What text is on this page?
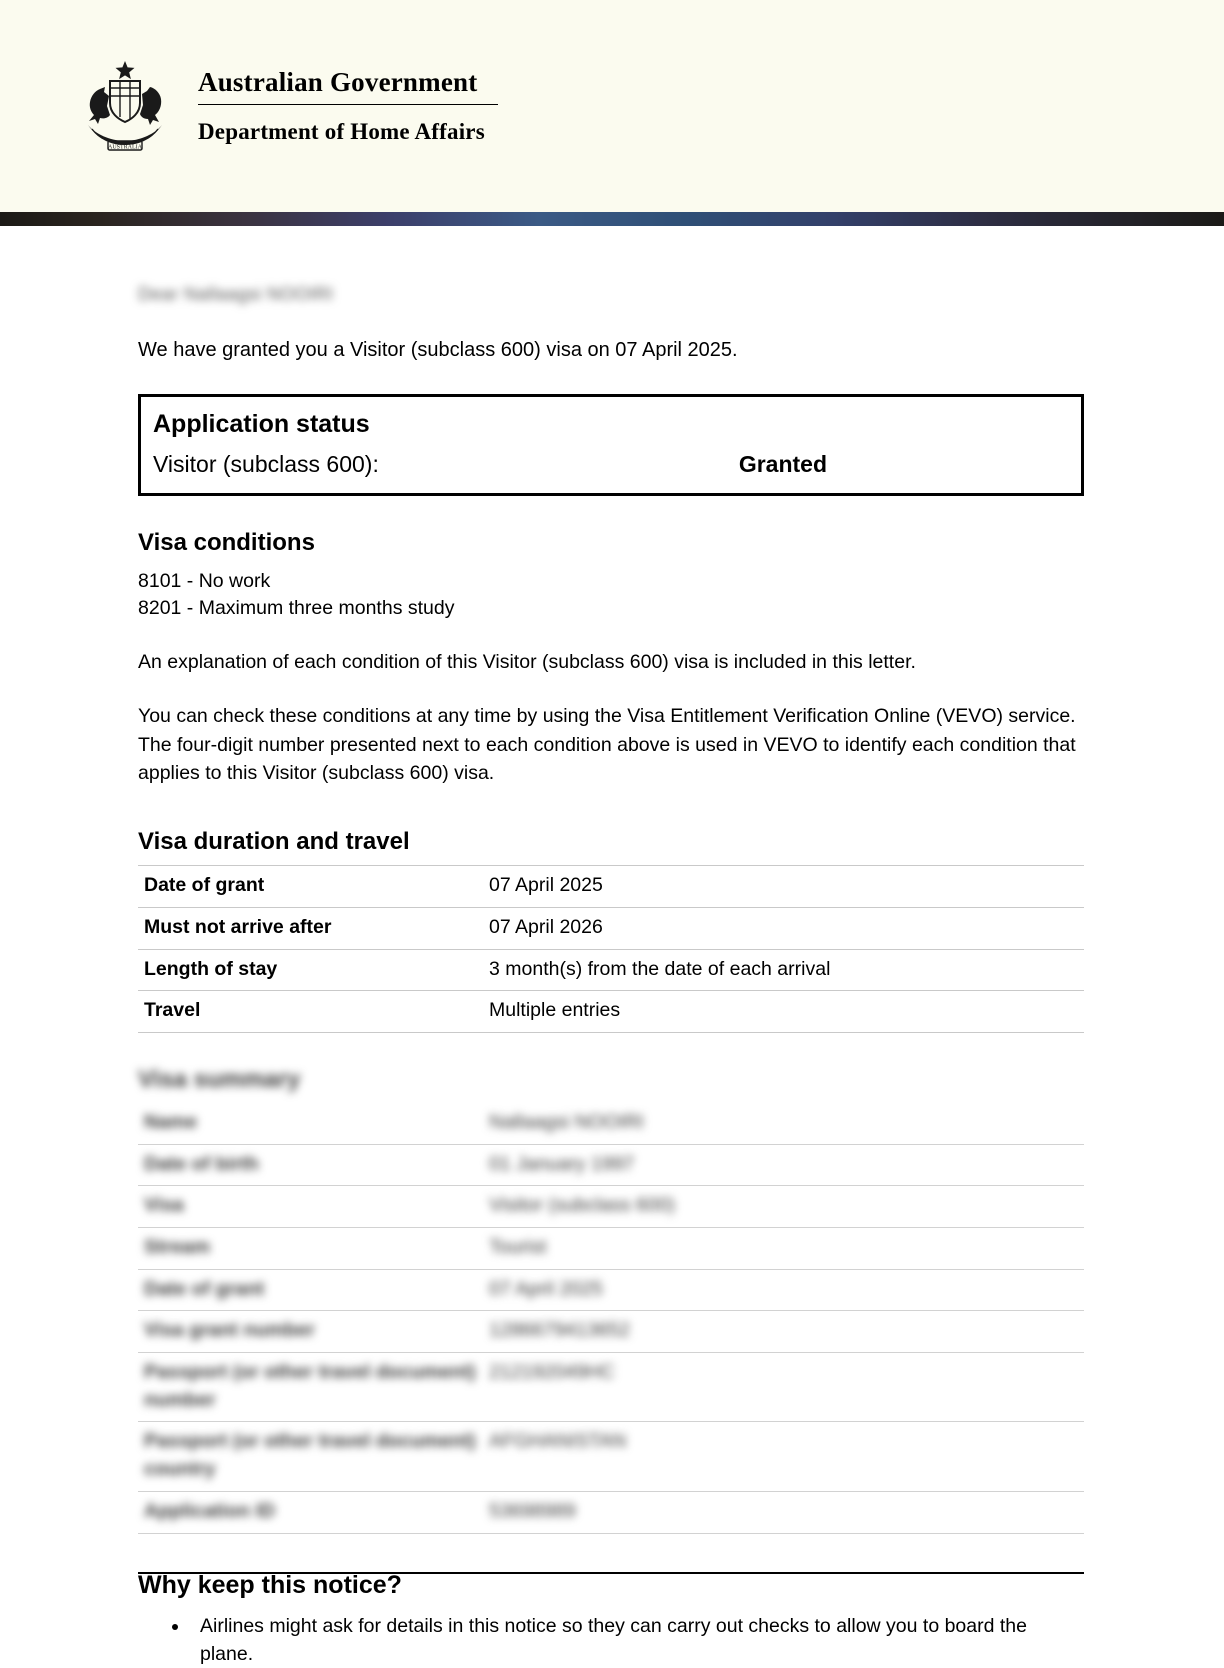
AUSTRALIA
Australian Government
Department of Home Affairs
Dear Nallaagsi NOOIRI
We have granted you a Visitor (subclass 600) visa on 07 April 2025.
Application status
Visitor (subclass 600):	Granted
Visa conditions
8101 - No work
8201 - Maximum three months study

An explanation of each condition of this Visitor (subclass 600) visa is included in this letter.

You can check these conditions at any time by using the Visa Entitlement Verification Online (VEVO) service. The four-digit number presented next to each condition above is used in VEVO to identify each condition that applies to this Visitor (subclass 600) visa.

Visa duration and travel
Date of grant	07 April 2025
Must not arrive after	07 April 2026
Length of stay	3 month(s) from the date of each arrival
Travel	Multiple entries
Visa summary
Name	Nallaagsi NOOIRI
Date of birth	01 January 1997
Visa	Visitor (subclass 600)
Stream	Tourist
Date of grant	07 April 2025
Visa grant number	1286679413652
Passport (or other travel document) number	212192049HC
Passport (or other travel document) country	AFGHANISTAN
Application ID	53698989
Why keep this notice?
• Airlines might ask for details in this notice so they can carry out checks to allow you to board the plane.
